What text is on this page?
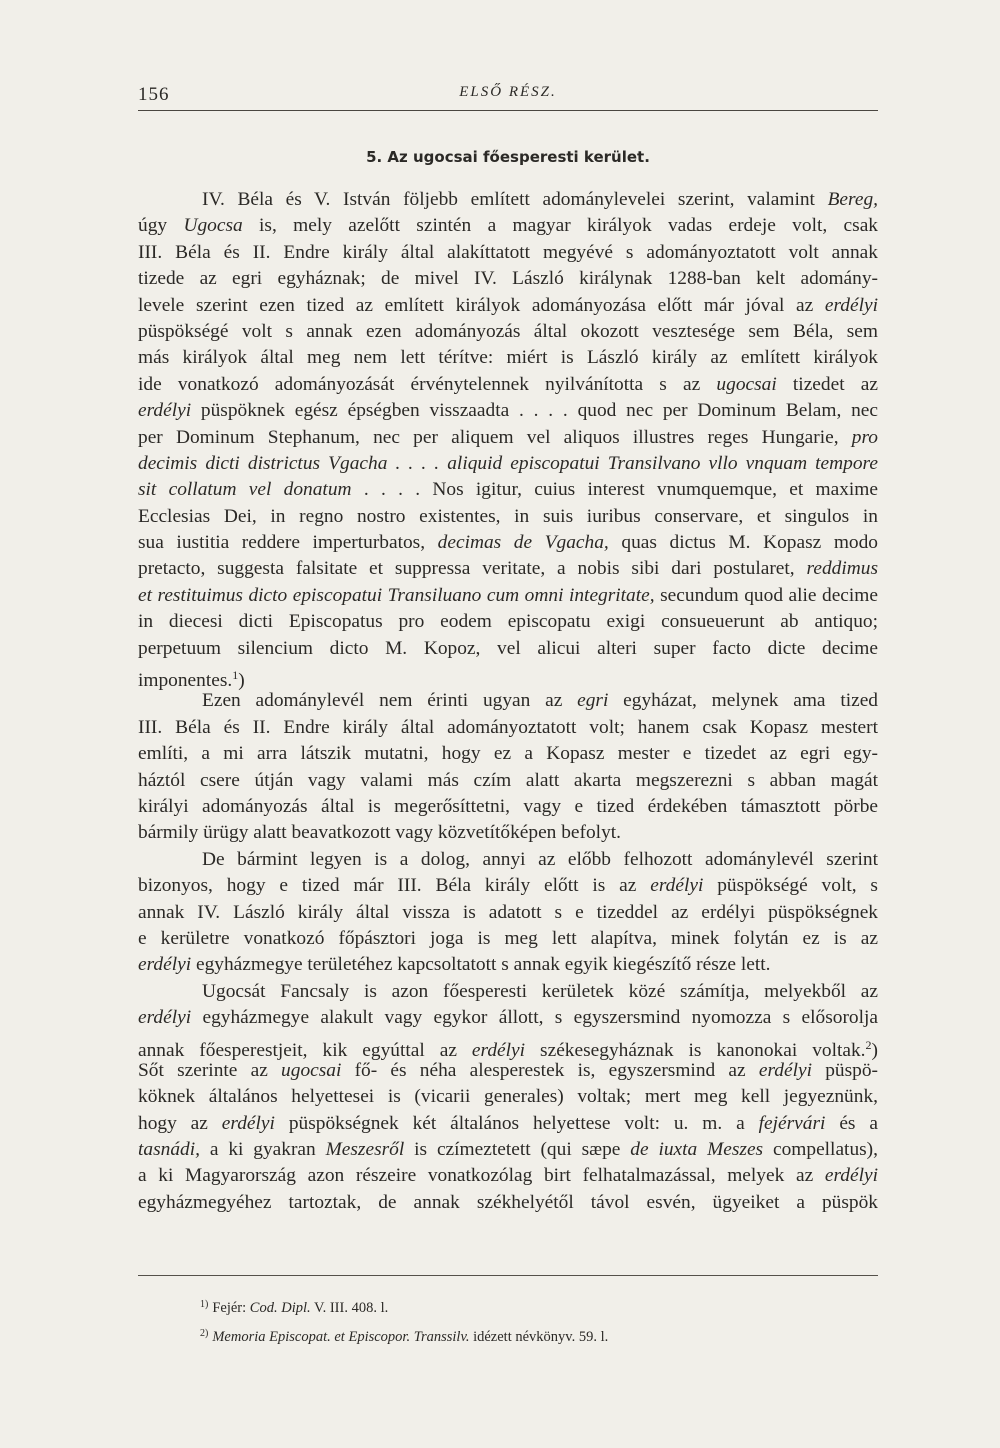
156	ELSŐ RÉSZ.
5. Az ugocsai főesperesti kerület.
IV. Béla és V. István följebb említett adománylevelei szerint, valamint Bereg,
úgy Ugocsa is, mely azelőtt szintén a magyar királyok vadas erdeje volt, csak
III. Béla és II. Endre király által alakíttatott megyévé s adományoztatott volt annak
tizede az egri egyháznak; de mivel IV. László királynak 1288-ban kelt adomány-
levele szerint ezen tized az említett királyok adományozása előtt már jóval az erdélyi
püspökségé volt s annak ezen adományozás által okozott vesztesége sem Béla, sem
más királyok által meg nem lett térítve: miért is László király az említett királyok
ide vonatkozó adományozását érvénytelennek nyilvánította s az ugocsai tizedet az
erdélyi püspöknek egész épségben visszaadta . . . . quod nec per Dominum Belam, nec
per Dominum Stephanum, nec per aliquem vel aliquos illustres reges Hungarie, pro
decimis dicti districtus Vgacha . . . . aliquid episcopatui Transilvano vllo vnquam tempore
sit collatum vel donatum . . . . Nos igitur, cuius interest vnumquemque, et maxime
Ecclesias Dei, in regno nostro existentes, in suis iuribus conservare, et singulos in
sua iustitia reddere imperturbatos, decimas de Vgacha, quas dictus M. Kopasz modo
pretacto, suggesta falsitate et suppressa veritate, a nobis sibi dari postularet, reddimus
et restituimus dicto episcopatui Transiluano cum omni integritate, secundum quod alie decime
in diecesi dicti Episcopatus pro eodem episcopatu exigi consueuerunt ab antiquo;
perpetuum silencium dicto M. Kopoz, vel alicui alteri super facto dicte decime
imponentes.$^1$)
Ezen adománylevél nem érinti ugyan az egri egyházat, melynek ama tized
III. Béla és II. Endre király által adományoztatott volt; hanem csak Kopasz mestert
említi, a mi arra látszik mutatni, hogy ez a Kopasz mester e tizedet az egri egy-
háztól csere útján vagy valami más czím alatt akarta megszerezni s abban magát
királyi adományozás által is megerősíttetni, vagy e tized érdekében támasztott pörbe
bármily ürügy alatt beavatkozott vagy közvetítőképen befolyt.
De bármint legyen is a dolog, annyi az előbb felhozott adománylevél szerint
bizonyos, hogy e tized már III. Béla király előtt is az erdélyi püspökségé volt, s
annak IV. László király által vissza is adatott s e tizeddel az erdélyi püspökségnek
e kerületre vonatkozó főpásztori joga is meg lett alapítva, minek folytán ez is az
erdélyi egyházmegye területéhez kapcsoltatott s annak egyik kiegészítő része lett.
Ugocsát Fancsaly is azon főesperesti kerületek közé számítja, melyekből az
erdélyi egyházmegye alakult vagy egykor állott, s egyszersmind nyomozza s elősorolja
annak főesperestjeit, kik egyúttal az erdélyi székesegyháznak is kanonokai voltak.$^2$)
Sőt szerinte az ugocsai fő- és néha alesperestek is, egyszersmind az erdélyi püspö-
köknek általános helyettesei is (vicarii generales) voltak; mert meg kell jegyeznünk,
hogy az erdélyi püspökségnek két általános helyettese volt: u. m. a fejérvári és a
tasnádi, a ki gyakran Meszesről is czímeztetett (qui sæpe de iuxta Meszes compellatus),
a ki Magyarország azon részeire vonatkozólag birt felhatalmazással, melyek az erdélyi
egyházmegyéhez tartoztak, de annak székhelyétől távol esvén, ügyeiket a püspök
$^{1)}$ Fejér: Cod. Dipl. V. III. 408. l.
$^{2)}$ Memoria Episcopat. et Episcopor. Transsilv. idézett névkönyv. 59. l.
